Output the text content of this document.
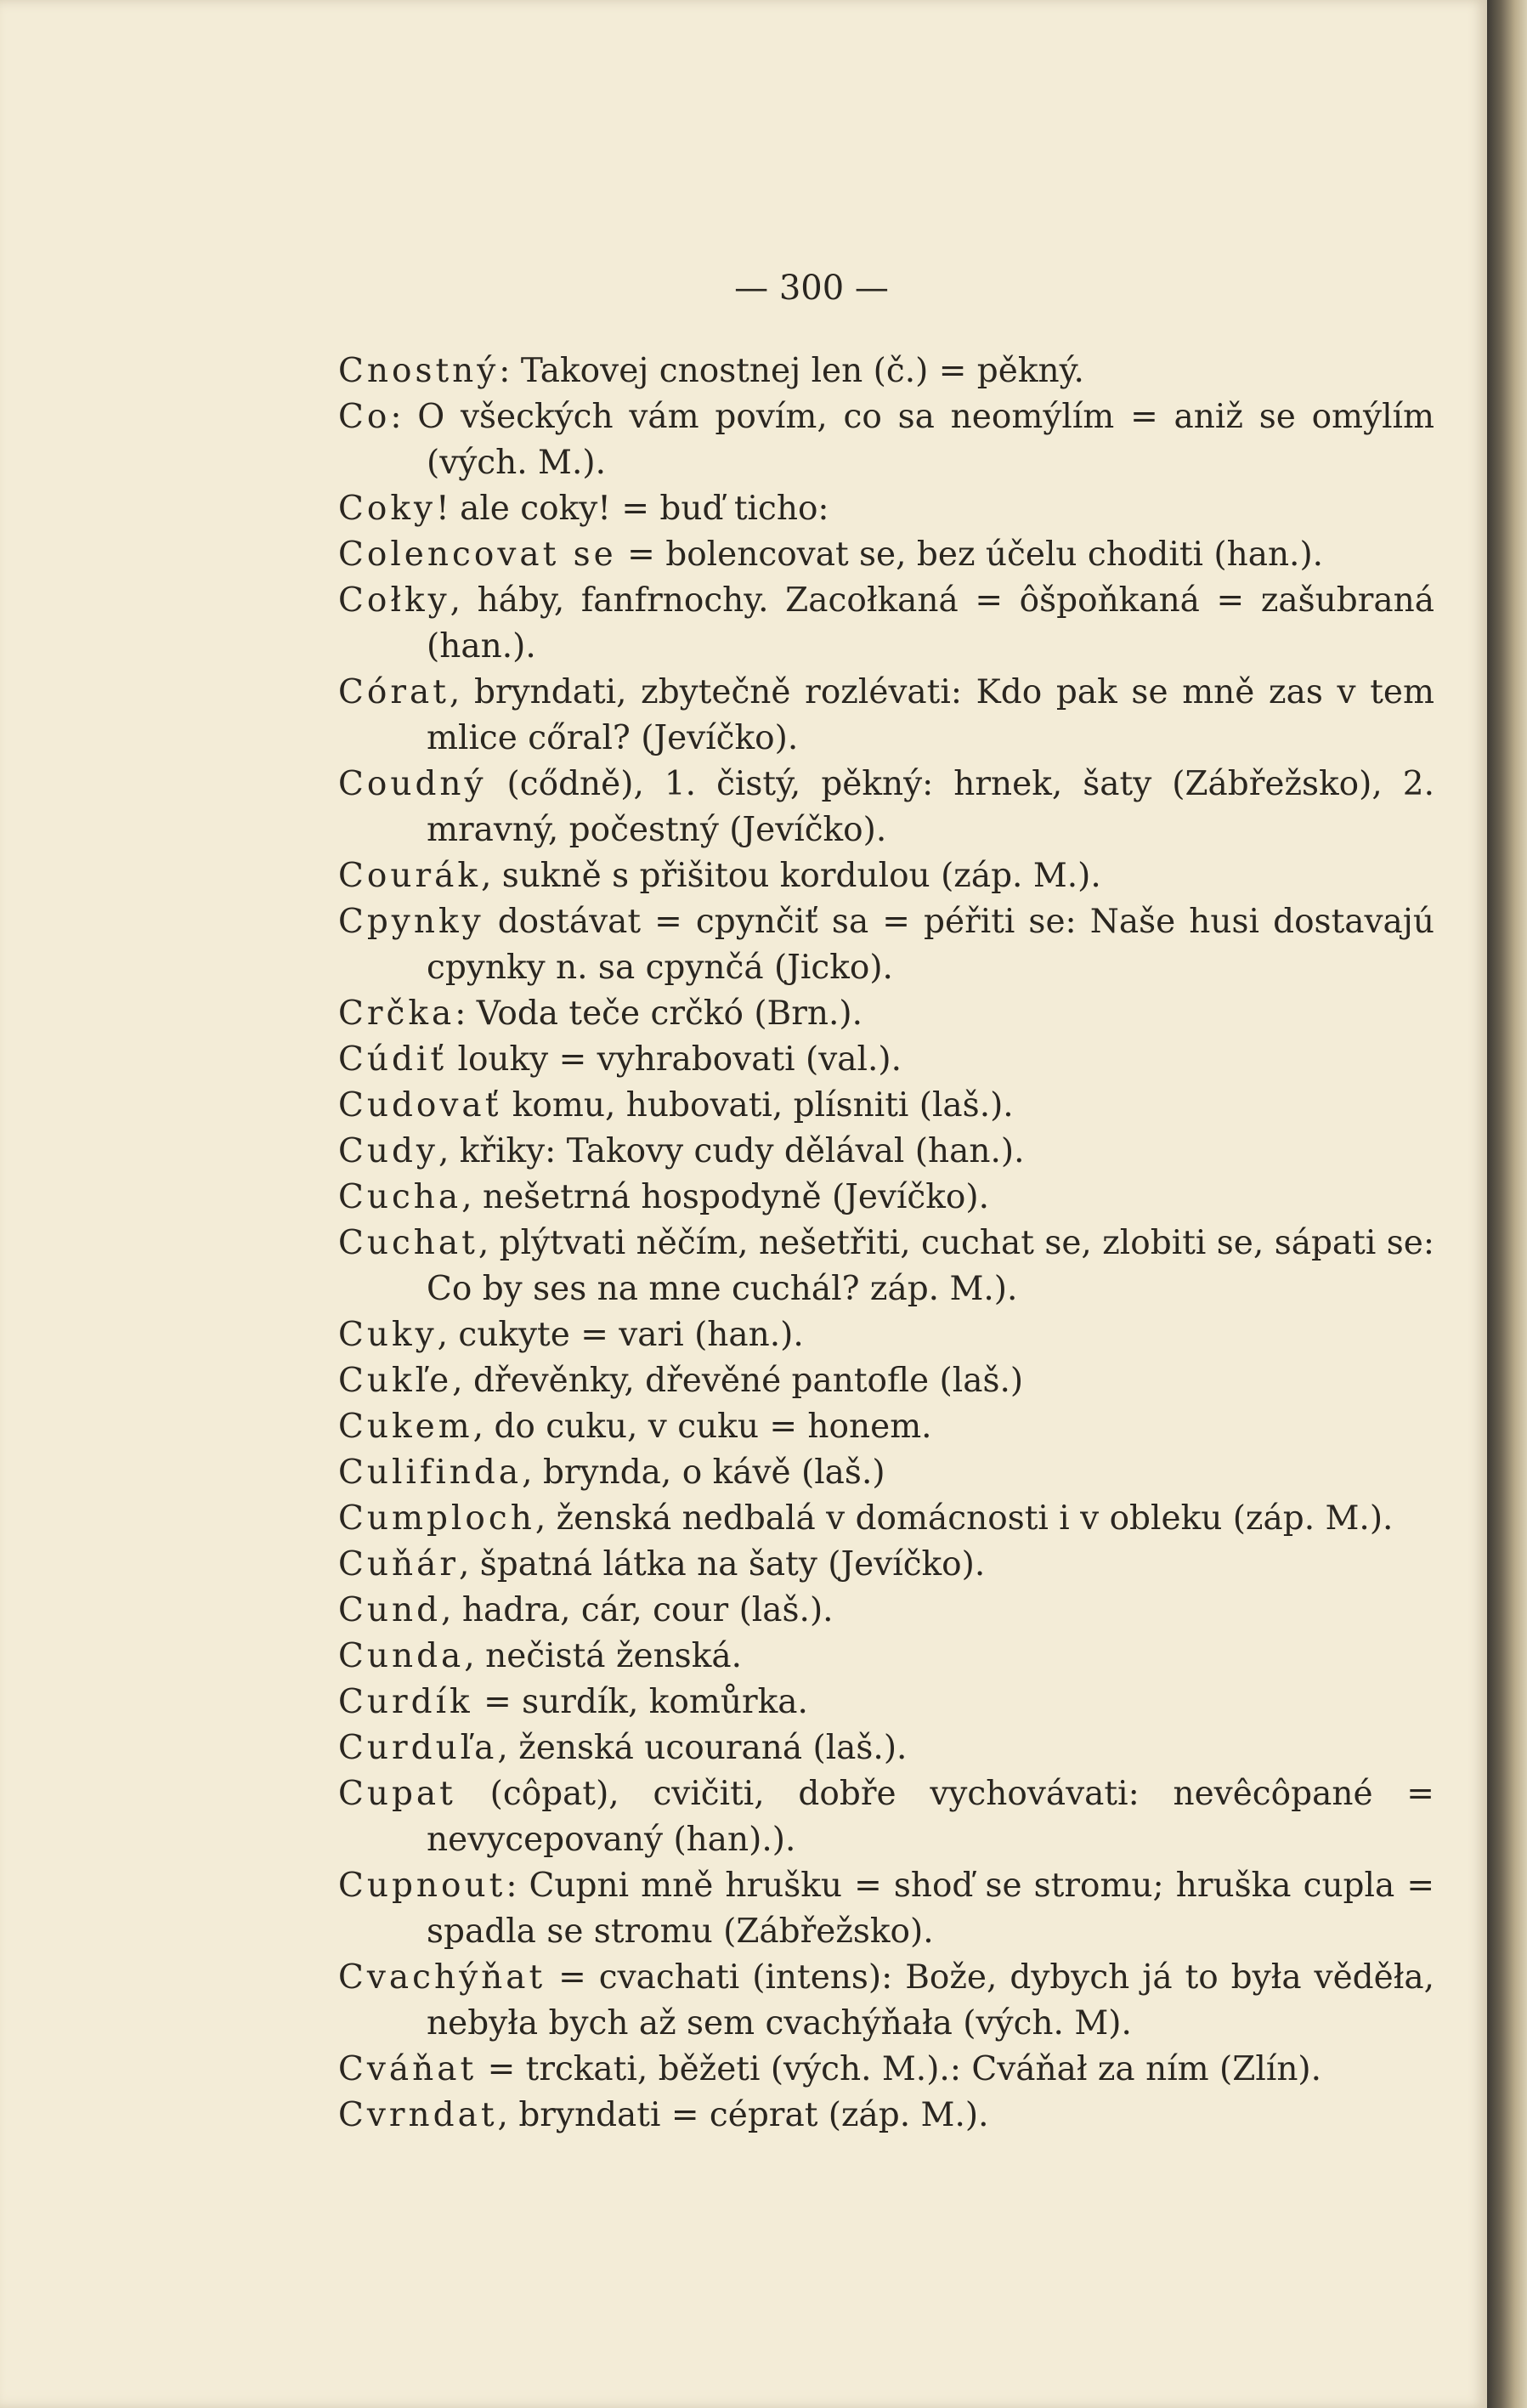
— 300 —

Cnostný: Takovej cnostnej len (č.) = pěkný.

Co: O všeckých vám povím, co sa neomýlím = aniž se omýlím (vých. M.).

Coky! ale coky! = buď ticho:

Colencovat se = bolencovat se, bez účelu choditi (han.).

Cołky, háby, fanfrnochy. Zacołkaná = ôšpoňkaná = zašubraná (han.).

Córat, bryndati, zbytečně rozlévati: Kdo pak se mně zas v tem mlice cőral? (Jevíčko).

Coudný (cődně), 1. čistý, pěkný: hrnek, šaty (Zábřežsko), 2. mravný, počestný (Jevíčko).

Courák, sukně s přišitou kordulou (záp. M.).

Cpynky dostávat = cpynčiť sa = péřiti se: Naše husi dostavajú cpynky n. sa cpynčá (Jicko).

Crčka: Voda teče crčkó (Brn.).

Cúdiť louky = vyhrabovati (val.).

Cudovať komu, hubovati, plísniti (laš.).

Cudy, křiky: Takovy cudy dělával (han.).

Cucha, nešetrná hospodyně (Jevíčko).

Cuchat, plýtvati něčím, nešetřiti, cuchat se, zlobiti se, sápati se: Co by ses na mne cuchál? záp. M.).

Cuky, cukyte = vari (han.).

Cukľe, dřevěnky, dřevěné pantofle (laš.)

Cukem, do cuku, v cuku = honem.

Culifinda, brynda, o kávě (laš.)

Cumploch, ženská nedbalá v domácnosti i v obleku (záp. M.).

Cuňár, špatná látka na šaty (Jevíčko).

Cund, hadra, cár, cour (laš.).

Cunda, nečistá ženská.

Curdík = surdík, komůrka.

Curduľa, ženská ucouraná (laš.).

Cupat (côpat), cvičiti, dobře vychovávati: nevêcôpané = nevycepovaný (han).).

Cupnout: Cupni mně hrušku = shoď se stromu; hruška cupla = spadla se stromu (Zábřežsko).

Cvachýňat = cvachati (intens): Bože, dybych já to była věděła, nebyła bych až sem cvachýňała (vých. M).

Cváňat = trckati, běžeti (vých. M.).: Cváňał za ním (Zlín).

Cvrndat, bryndati = céprat (záp. M.).
